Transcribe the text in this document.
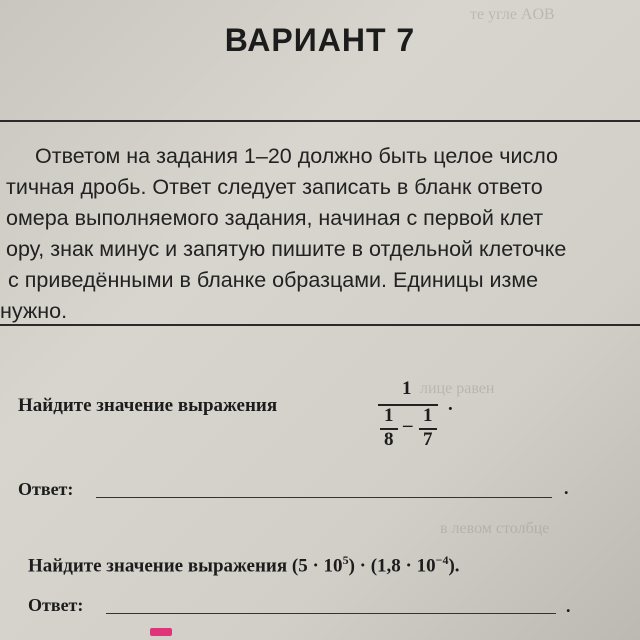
те угле AOB
лице равен
в левом столбце
ВАРИАНТ 7
Ответом на задания 1–20 должно быть целое число
тичная дробь. Ответ следует записать в бланк ответо
омера выполняемого задания, начиная с первой клет
ору, знак минус и запятую пишите в отдельной клеточке
с приведёнными в бланке образцами. Единицы изме
нужно.
Найдите значение выражения
1
1
8
– 1
7
.
Ответ:	.
Найдите значение выражения $(5 \cdot 10^5) \cdot (1,8 \cdot 10^{-4})$.
Ответ:	.
